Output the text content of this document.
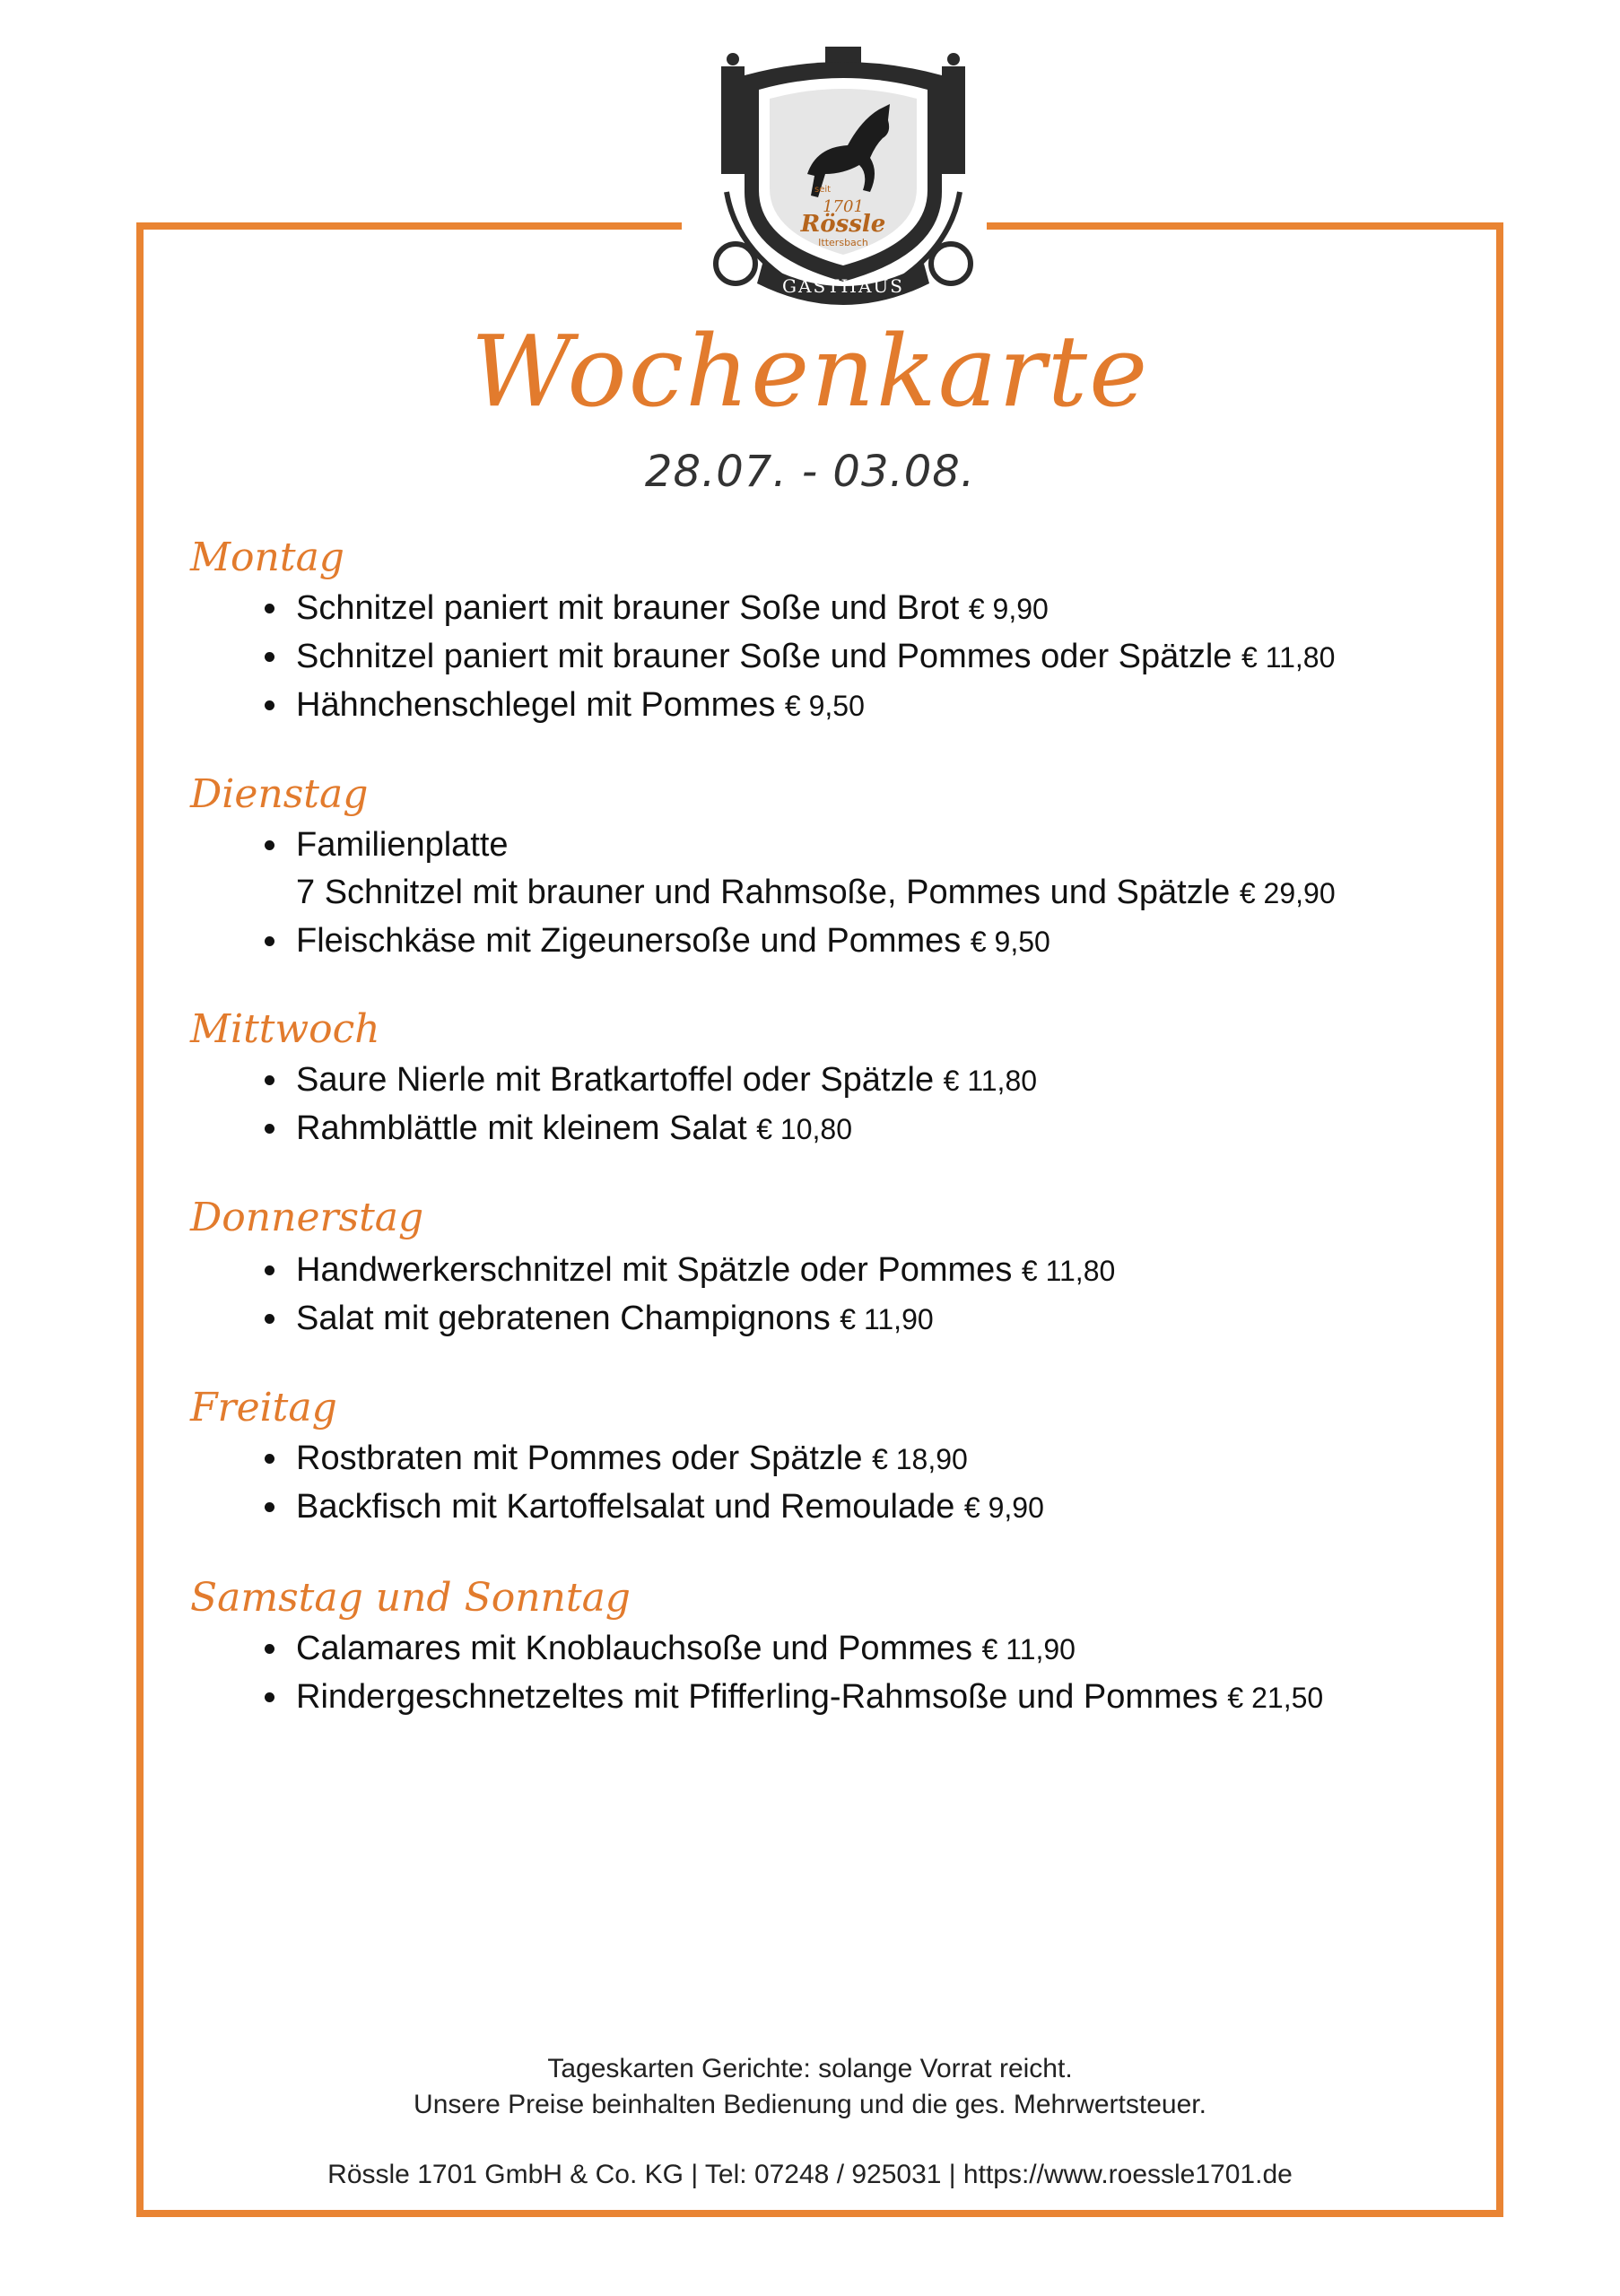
seit
1701
Rössle
Ittersbach
GASTHAUS
Wochenkarte
28.07. - 03.08.
Montag
• Schnitzel paniert mit brauner Soße und Brot € 9,90
• Schnitzel paniert mit brauner Soße und Pommes oder Spätzle € 11,80
• Hähnchenschlegel mit Pommes € 9,50
Dienstag
• Familienplatte
7 Schnitzel mit brauner und Rahmsoße, Pommes und Spätzle € 29,90
• Fleischkäse mit Zigeunersoße und Pommes € 9,50
Mittwoch
• Saure Nierle mit Bratkartoffel oder Spätzle € 11,80
• Rahmblättle mit kleinem Salat € 10,80
Donnerstag
• Handwerkerschnitzel mit Spätzle oder Pommes € 11,80
• Salat mit gebratenen Champignons € 11,90
Freitag
• Rostbraten mit Pommes oder Spätzle € 18,90
• Backfisch mit Kartoffelsalat und Remoulade € 9,90
Samstag und Sonntag
• Calamares mit Knoblauchsoße und Pommes € 11,90
• Rindergeschnetzeltes mit Pfifferling-Rahmsoße und Pommes € 21,50
Tageskarten Gerichte: solange Vorrat reicht.
Unsere Preise beinhalten Bedienung und die ges. Mehrwertsteuer.
Rössle 1701 GmbH & Co. KG | Tel: 07248 / 925031 | https://www.roessle1701.de
